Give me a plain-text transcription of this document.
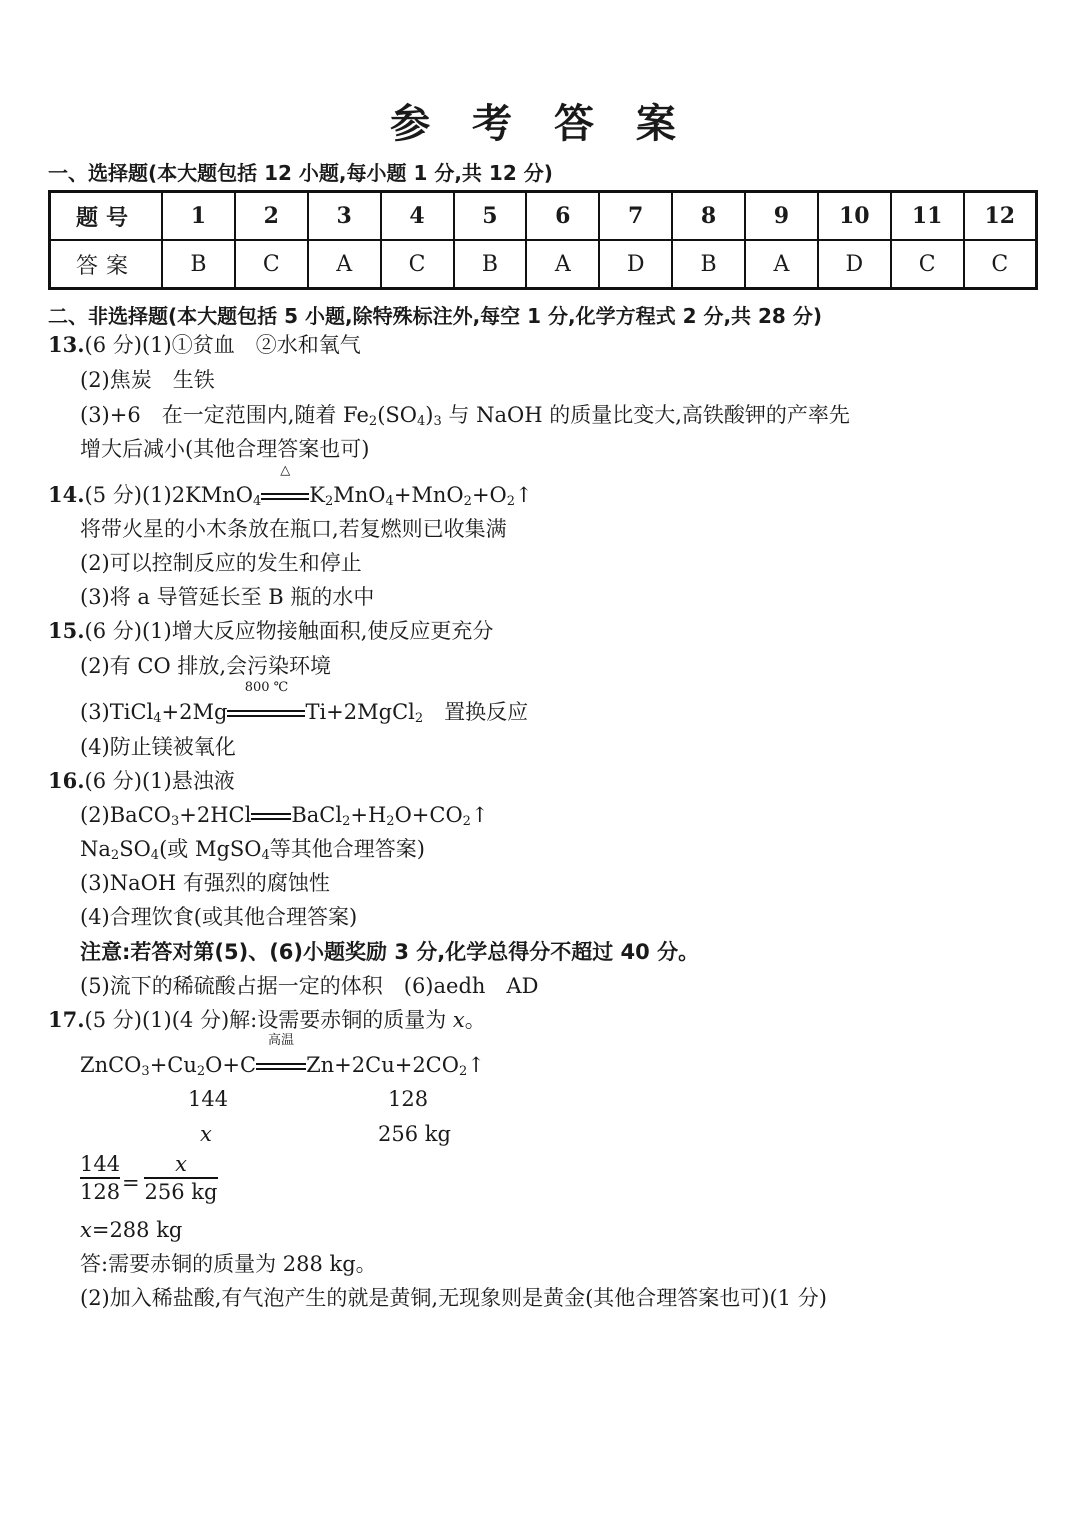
参 考 答 案
一、选择题(本大题包括 12 小题,每小题 1 分,共 12 分)
题号	1	2	3	4	5	6	7	8	9	10	11	12
答案	B	C	A	C	B	A	D	B	A	D	C	C
二、非选择题(本大题包括 5 小题,除特殊标注外,每空 1 分,化学方程式 2 分,共 28 分)
13.(6 分)(1)①贫血　②水和氧气
(2)焦炭　生铁
(3)+6　在一定范围内,随着 $Fe_2(SO_4)_3$ 与 NaOH 的质量比变大,高铁酸钾的产率先
增大后减小(其他合理答案也可)
14.(5 分)(1)2KMnO$_4$
△
$K_2MnO_4+MnO_2+O_2↑$
将带火星的小木条放在瓶口,若复燃则已收集满
(2)可以控制反应的发生和停止
(3)将 a 导管延长至 B 瓶的水中
15.(6 分)(1)增大反应物接触面积,使反应更充分
(2)有 CO 排放,会污染环境
(3)TiCl$_4$+2Mg
800 ℃
Ti+2MgCl$_2$　置换反应
(4)防止镁被氧化
16.(6 分)(1)悬浊液
(2)BaCO$_3$+2HCl $BaCl_2+H_2O+CO_2↑$
$Na_2SO_4$(或 MgSO$_4$等其他合理答案)
(3)NaOH 有强烈的腐蚀性
(4)合理饮食(或其他合理答案)
注意:若答对第(5)、(6)小题奖励 3 分,化学总得分不超过 40 分。
(5)流下的稀硫酸占据一定的体积　(6)aedh　AD
17.(5 分)(1)(4 分)解:设需要赤铜的质量为 x。
$ZnCO_3+Cu_2O+C$
高温
$Zn+2Cu+2CO_2↑$
144	128
x	256 kg
144
128 =
x
256 kg
x=288 kg
答:需要赤铜的质量为 288 kg。
(2)加入稀盐酸,有气泡产生的就是黄铜,无现象则是黄金(其他合理答案也可)(1 分)
